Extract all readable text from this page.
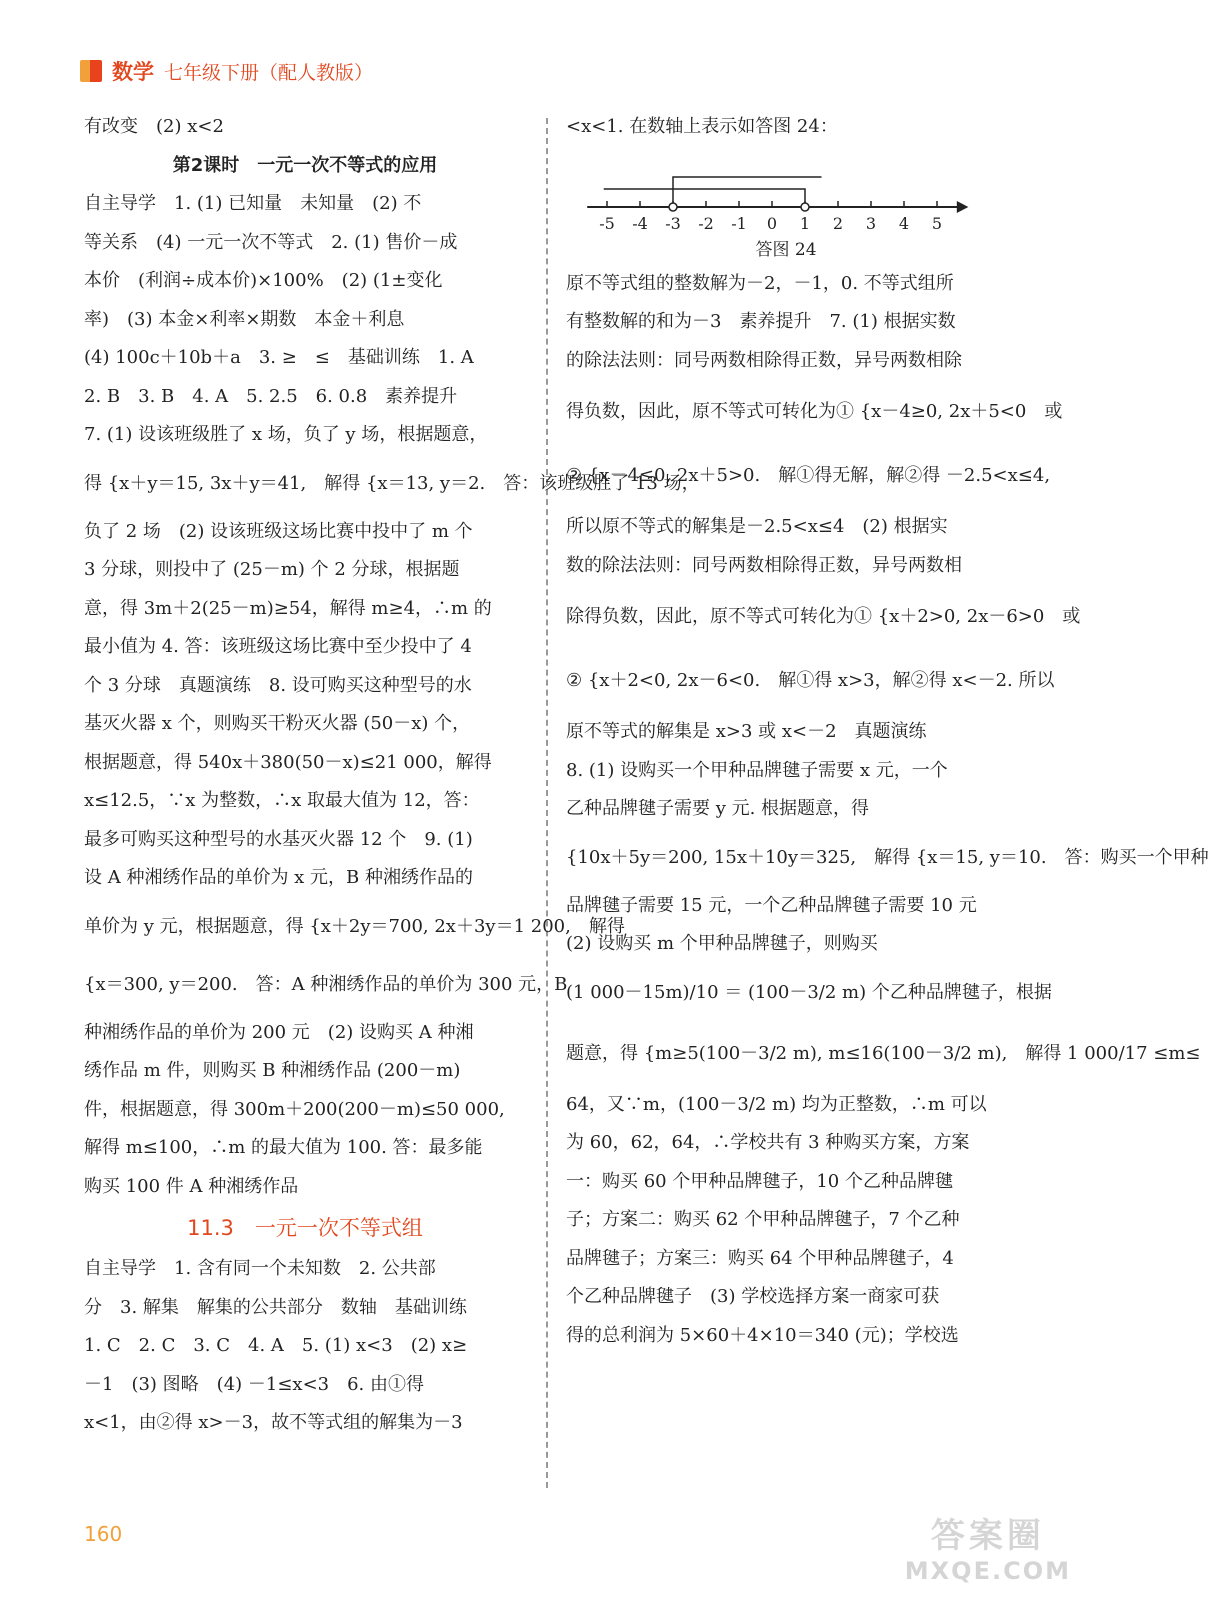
数学 七年级下册（配人教版）
有改变　(2) x<2
第2课时　一元一次不等式的应用
自主导学　1. (1) 已知量　未知量　(2) 不
等关系　(4) 一元一次不等式　2. (1) 售价－成
本价　(利润÷成本价)×100%　(2) (1±变化
率)　(3) 本金×利率×期数　本金＋利息
(4) 100c＋10b＋a　3. ≥　≤　基础训练　1. A
2. B　3. B　4. A　5. 2.5　6. 0.8　素养提升
7. (1) 设该班级胜了 x 场，负了 y 场，根据题意，
得 {x＋y＝15, 3x＋y＝41,　解得 {x＝13, y＝2.　答：该班级胜了 13 场，
负了 2 场　(2) 设该班级这场比赛中投中了 m 个
3 分球，则投中了 (25－m) 个 2 分球，根据题
意，得 3m＋2(25－m)≥54，解得 m≥4，∴m 的
最小值为 4. 答：该班级这场比赛中至少投中了 4
个 3 分球　真题演练　8. 设可购买这种型号的水
基灭火器 x 个，则购买干粉灭火器 (50－x) 个，
根据题意，得 540x＋380(50－x)≤21 000，解得
x≤12.5，∵x 为整数，∴x 取最大值为 12，答：
最多可购买这种型号的水基灭火器 12 个　9. (1)
设 A 种湘绣作品的单价为 x 元，B 种湘绣作品的
单价为 y 元，根据题意，得 {x＋2y＝700, 2x＋3y＝1 200,　解得
{x＝300, y＝200.　答：A 种湘绣作品的单价为 300 元，B
种湘绣作品的单价为 200 元　(2) 设购买 A 种湘
绣作品 m 件，则购买 B 种湘绣作品 (200－m)
件，根据题意，得 300m＋200(200－m)≤50 000,
解得 m≤100，∴m 的最大值为 100. 答：最多能
购买 100 件 A 种湘绣作品
11.3　一元一次不等式组
自主导学　1. 含有同一个未知数　2. 公共部
分　3. 解集　解集的公共部分　数轴　基础训练
1. C　2. C　3. C　4. A　5. (1) x<3　(2) x≥
－1　(3) 图略　(4) －1≤x<3　6. 由①得
x<1，由②得 x>－3，故不等式组的解集为－3
<x<1. 在数轴上表示如答图 24：
-5 -4 -3 -2 -1 0 1 2 3 4 5
答图 24
原不等式组的整数解为－2，－1，0. 不等式组所
有整数解的和为－3　素养提升　7. (1) 根据实数
的除法法则：同号两数相除得正数，异号两数相除
得负数，因此，原不等式可转化为① {x－4≥0, 2x＋5<0　或
② {x－4≤0, 2x＋5>0.　解①得无解，解②得 －2.5<x≤4,
所以原不等式的解集是－2.5<x≤4　(2) 根据实
数的除法法则：同号两数相除得正数，异号两数相
除得负数，因此，原不等式可转化为① {x＋2>0, 2x－6>0　或
② {x＋2<0, 2x－6<0.　解①得 x>3，解②得 x<－2. 所以
原不等式的解集是 x>3 或 x<－2　真题演练
8. (1) 设购买一个甲种品牌毽子需要 x 元，一个
乙种品牌毽子需要 y 元. 根据题意，得
{10x＋5y＝200, 15x＋10y＝325,　解得 {x＝15, y＝10.　答：购买一个甲种
品牌毽子需要 15 元，一个乙种品牌毽子需要 10 元
(2) 设购买 m 个甲种品牌毽子，则购买
(1 000－15m)/10 ＝ (100－3/2 m) 个乙种品牌毽子，根据
题意，得 {m≥5(100－3/2 m), m≤16(100－3/2 m),　解得 1 000/17 ≤m≤
64，又∵m，(100－3/2 m) 均为正整数，∴m 可以
为 60，62，64，∴学校共有 3 种购买方案，方案
一：购买 60 个甲种品牌毽子，10 个乙种品牌毽
子；方案二：购买 62 个甲种品牌毽子，7 个乙种
品牌毽子；方案三：购买 64 个甲种品牌毽子，4
个乙种品牌毽子　(3) 学校选择方案一商家可获
得的总利润为 5×60＋4×10＝340 (元)；学校选
160	答案圈
MXQE.COM
